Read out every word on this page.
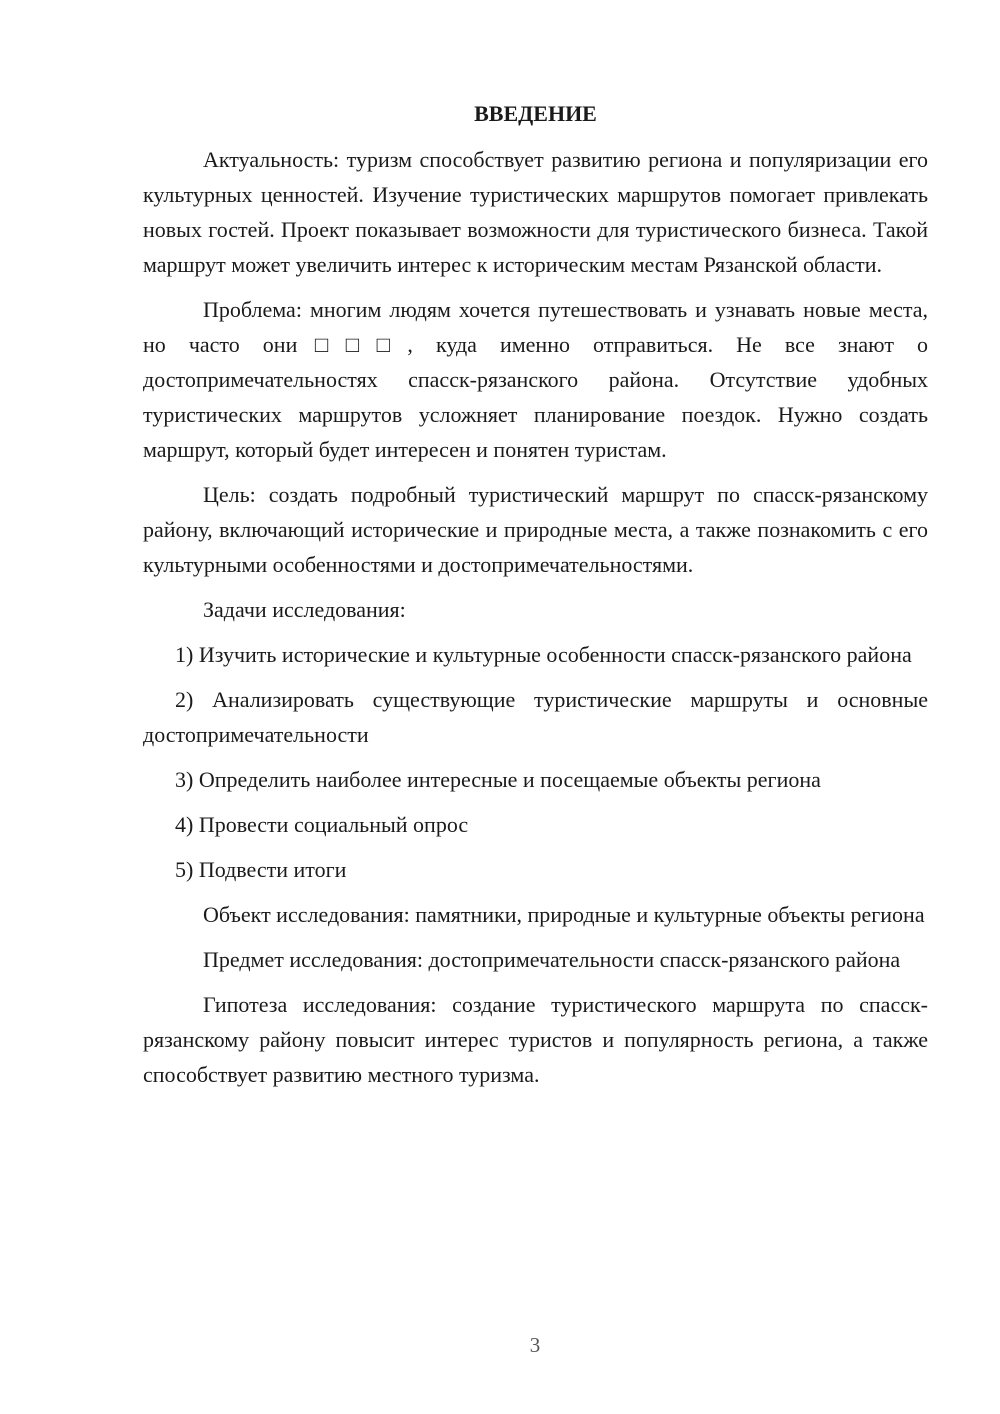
ВВЕДЕНИЕ

Актуальность: туризм способствует развитию региона и популяризации его культурных ценностей. Изучение туристических маршрутов помогает привлекать новых гостей. Проект показывает возможности для туристического бизнеса. Такой маршрут может увеличить интерес к историческим местам Рязанской области.

Проблема: многим людям хочется путешествовать и узнавать новые места, но часто они□□□, куда именно отправиться. Не все знают о достопримечательностях спасск-рязанского района. Отсутствие удобных туристических маршрутов усложняет планирование поездок. Нужно создать маршрут, который будет интересен и понятен туристам.

Цель: создать подробный туристический маршрут по спасск-рязанскому району, включающий исторические и природные места, а также познакомить с его культурными особенностями и достопримечательностями.

Задачи исследования:

1) Изучить исторические и культурные особенности спасск-рязанского района

2) Анализировать существующие туристические маршруты и основные достопримечательности

3) Определить наиболее интересные и посещаемые объекты региона

4) Провести социальный опрос

5) Подвести итоги

Объект исследования: памятники, природные и культурные объекты региона

Предмет исследования: достопримечательности спасск-рязанского района

Гипотеза исследования: создание туристического маршрута по спасск-рязанскому району повысит интерес туристов и популярность региона, а также способствует развитию местного туризма.

3
